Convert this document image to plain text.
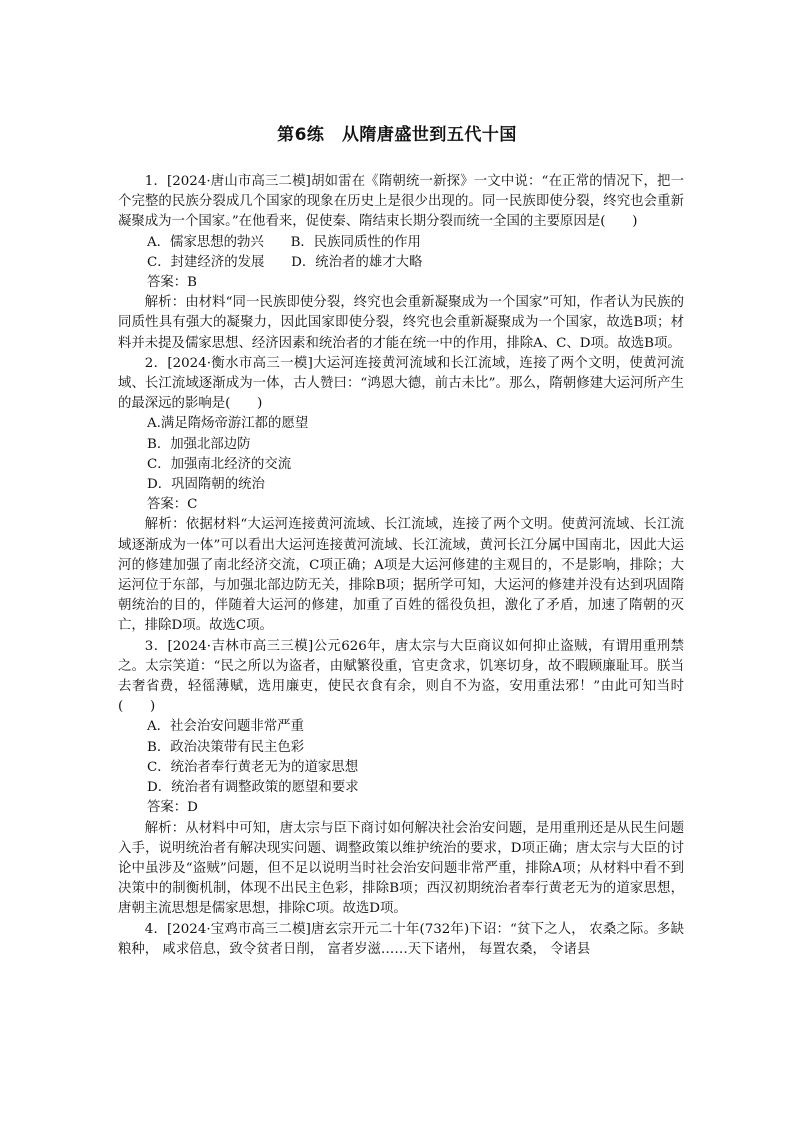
第6练　从隋唐盛世到五代十国

1．[2024·唐山市高三二模]胡如雷在《隋朝统一新探》一文中说：“在正常的情况下，把一个完整的民族分裂成几个国家的现象在历史上是很少出现的。同一民族即使分裂，终究也会重新凝聚成为一个国家。”在他看来，促使秦、隋结束长期分裂而统一全国的主要原因是(　　)

A．儒家思想的勃兴　　B．民族同质性的作用
C．封建经济的发展　　D．统治者的雄才大略
答案：B

解析：由材料“同一民族即使分裂，终究也会重新凝聚成为一个国家”可知，作者认为民族的同质性具有强大的凝聚力，因此国家即使分裂，终究也会重新凝聚成为一个国家，故选B项；材料并未提及儒家思想、经济因素和统治者的才能在统一中的作用，排除A、C、D项。故选B项。

2．[2024·衡水市高三一模]大运河连接黄河流域和长江流域，连接了两个文明，使黄河流域、长江流域逐渐成为一体，古人赞曰：“鸿恩大德，前古未比”。那么，隋朝修建大运河所产生的最深远的影响是(　　)

A.满足隋炀帝游江都的愿望
B．加强北部边防
C．加强南北经济的交流
D．巩固隋朝的统治
答案：C

解析：依据材料“大运河连接黄河流域、长江流域，连接了两个文明。使黄河流域、长江流域逐渐成为一体”可以看出大运河连接黄河流域、长江流域，黄河长江分属中国南北，因此大运河的修建加强了南北经济交流，C项正确；A项是大运河修建的主观目的，不是影响，排除；大运河位于东部，与加强北部边防无关，排除B项；据所学可知，大运河的修建并没有达到巩固隋朝统治的目的，伴随着大运河的修建，加重了百姓的徭役负担，激化了矛盾，加速了隋朝的灭亡，排除D项。故选C项。

3．[2024·吉林市高三三模]公元626年，唐太宗与大臣商议如何抑止盗贼，有谓用重刑禁之。太宗笑道：“民之所以为盗者，由赋繁役重，官吏贪求，饥寒切身，故不暇顾廉耻耳。朕当去奢省费，轻徭薄赋，选用廉吏，使民衣食有余，则自不为盗，安用重法邪！”由此可知当时(　　)

A．社会治安问题非常严重
B．政治决策带有民主色彩
C．统治者奉行黄老无为的道家思想
D．统治者有调整政策的愿望和要求
答案：D

解析：从材料中可知，唐太宗与臣下商讨如何解决社会治安问题，是用重刑还是从民生问题入手，说明统治者有解决现实问题、调整政策以维护统治的要求，D项正确；唐太宗与大臣的讨论中虽涉及“盗贼”问题，但不足以说明当时社会治安问题非常严重，排除A项；从材料中看不到决策中的制衡机制，体现不出民主色彩，排除B项；西汉初期统治者奉行黄老无为的道家思想，唐朝主流思想是儒家思想，排除C项。故选D项。

4．[2024·宝鸡市高三二模]唐玄宗开元二十年(732年)下诏：“贫下之人， 农桑之际。多缺粮种， 咸求倍息，致令贫者日削， 富者岁滋……天下诸州， 每置农桑， 令诸县
